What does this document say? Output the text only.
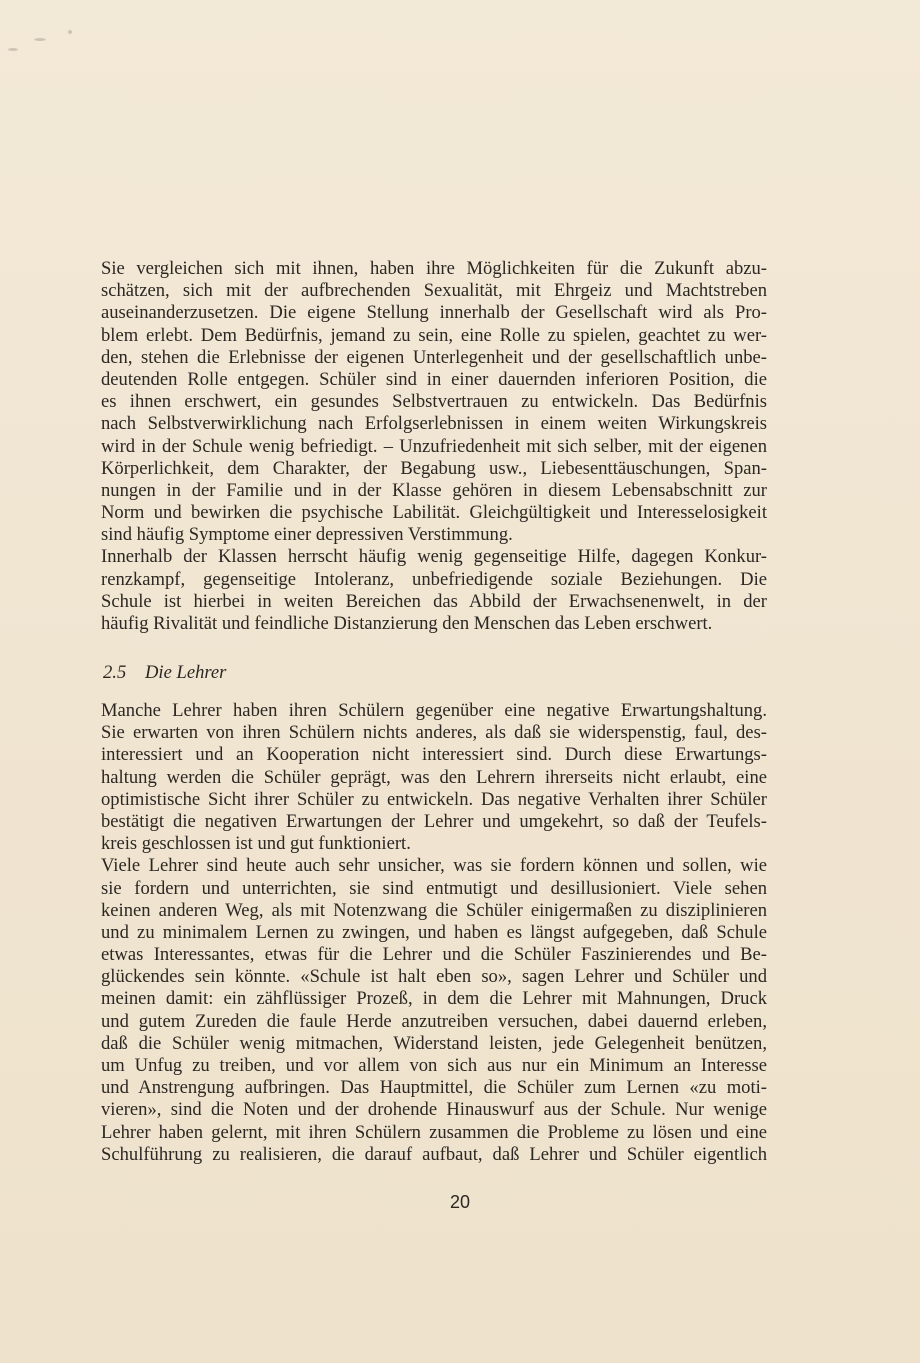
Sie vergleichen sich mit ihnen, haben ihre Möglichkeiten für die Zukunft abzu-
schätzen, sich mit der aufbrechenden Sexualität, mit Ehrgeiz und Machtstreben
auseinanderzusetzen. Die eigene Stellung innerhalb der Gesellschaft wird als Pro-
blem erlebt. Dem Bedürfnis, jemand zu sein, eine Rolle zu spielen, geachtet zu wer-
den, stehen die Erlebnisse der eigenen Unterlegenheit und der gesellschaftlich unbe-
deutenden Rolle entgegen. Schüler sind in einer dauernden inferioren Position, die
es ihnen erschwert, ein gesundes Selbstvertrauen zu entwickeln. Das Bedürfnis
nach Selbstverwirklichung nach Erfolgserlebnissen in einem weiten Wirkungskreis
wird in der Schule wenig befriedigt. – Unzufriedenheit mit sich selber, mit der eigenen
Körperlichkeit, dem Charakter, der Begabung usw., Liebesenttäuschungen, Span-
nungen in der Familie und in der Klasse gehören in diesem Lebensabschnitt zur
Norm und bewirken die psychische Labilität. Gleichgültigkeit und Interesselosigkeit
sind häufig Symptome einer depressiven Verstimmung.
Innerhalb der Klassen herrscht häufig wenig gegenseitige Hilfe, dagegen Konkur-
renzkampf, gegenseitige Intoleranz, unbefriedigende soziale Beziehungen. Die
Schule ist hierbei in weiten Bereichen das Abbild der Erwachsenenwelt, in der
häufig Rivalität und feindliche Distanzierung den Menschen das Leben erschwert.
2.5 Die Lehrer
Manche Lehrer haben ihren Schülern gegenüber eine negative Erwartungshaltung.
Sie erwarten von ihren Schülern nichts anderes, als daß sie widerspenstig, faul, des-
interessiert und an Kooperation nicht interessiert sind. Durch diese Erwartungs-
haltung werden die Schüler geprägt, was den Lehrern ihrerseits nicht erlaubt, eine
optimistische Sicht ihrer Schüler zu entwickeln. Das negative Verhalten ihrer Schüler
bestätigt die negativen Erwartungen der Lehrer und umgekehrt, so daß der Teufels-
kreis geschlossen ist und gut funktioniert.
Viele Lehrer sind heute auch sehr unsicher, was sie fordern können und sollen, wie
sie fordern und unterrichten, sie sind entmutigt und desillusioniert. Viele sehen
keinen anderen Weg, als mit Notenzwang die Schüler einigermaßen zu disziplinieren
und zu minimalem Lernen zu zwingen, und haben es längst aufgegeben, daß Schule
etwas Interessantes, etwas für die Lehrer und die Schüler Faszinierendes und Be-
glückendes sein könnte. «Schule ist halt eben so», sagen Lehrer und Schüler und
meinen damit: ein zähflüssiger Prozeß, in dem die Lehrer mit Mahnungen, Druck
und gutem Zureden die faule Herde anzutreiben versuchen, dabei dauernd erleben,
daß die Schüler wenig mitmachen, Widerstand leisten, jede Gelegenheit benützen,
um Unfug zu treiben, und vor allem von sich aus nur ein Minimum an Interesse
und Anstrengung aufbringen. Das Hauptmittel, die Schüler zum Lernen «zu moti-
vieren», sind die Noten und der drohende Hinauswurf aus der Schule. Nur wenige
Lehrer haben gelernt, mit ihren Schülern zusammen die Probleme zu lösen und eine
Schulführung zu realisieren, die darauf aufbaut, daß Lehrer und Schüler eigentlich
20
